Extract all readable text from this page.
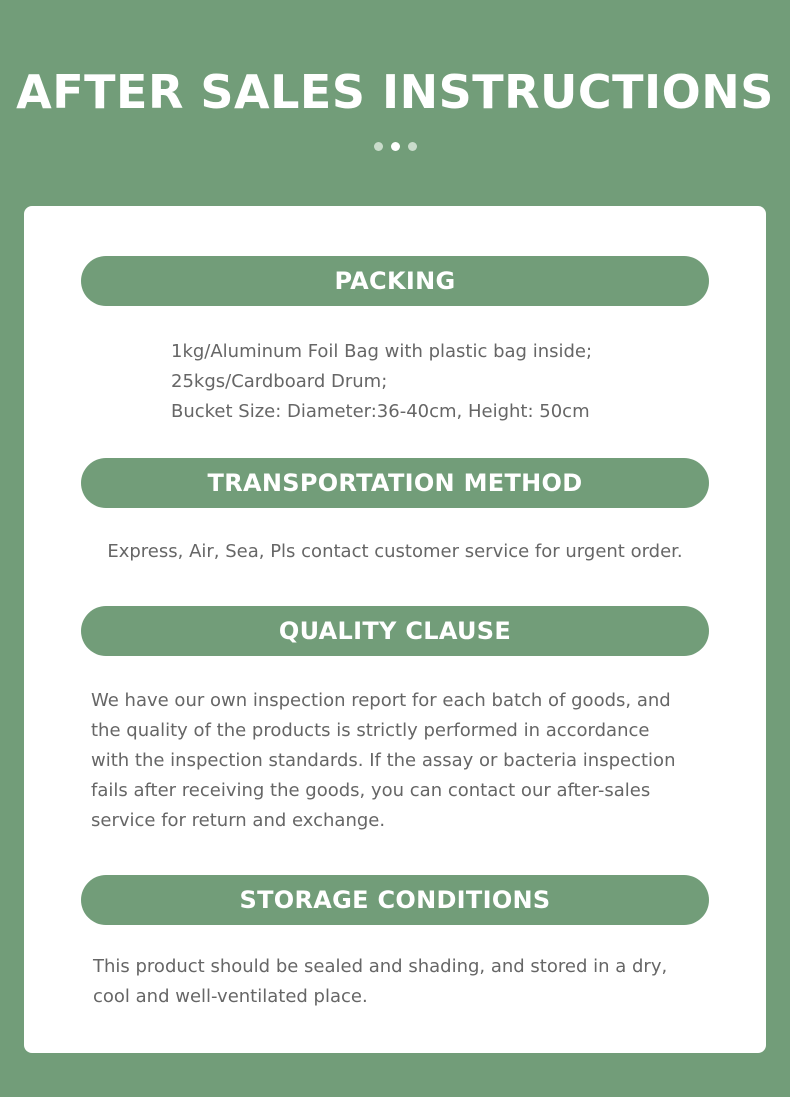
AFTER SALES INSTRUCTIONS
PACKING

1kg/Aluminum Foil Bag with plastic bag inside;
25kgs/Cardboard Drum;
Bucket Size: Diameter:36-40cm, Height: 50cm

TRANSPORTATION METHOD

Express, Air, Sea, Pls contact customer service for urgent order.

QUALITY CLAUSE

We have our own inspection report for each batch of goods, and
the quality of the products is strictly performed in accordance
with the inspection standards. If the assay or bacteria inspection
fails after receiving the goods, you can contact our after-sales
service for return and exchange.

STORAGE CONDITIONS

This product should be sealed and shading, and stored in a dry,
cool and well-ventilated place.
